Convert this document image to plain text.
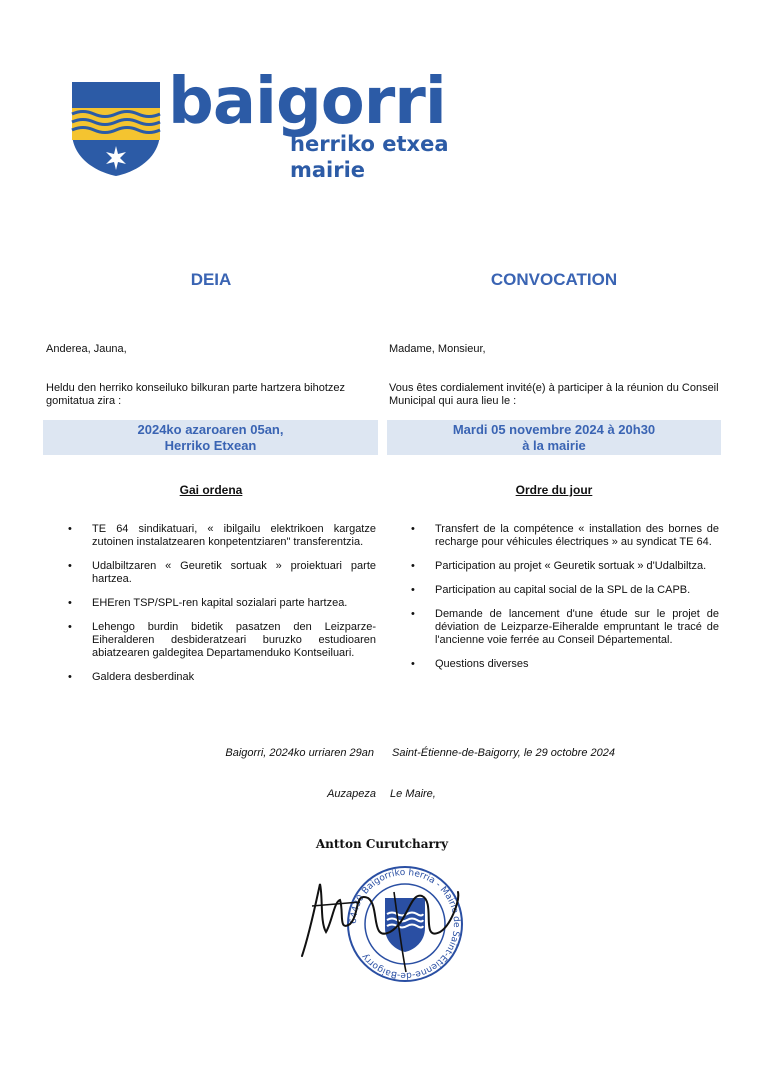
baigorri
herriko etxea
mairie
DEIA	CONVOCATION
Anderea, Jauna,	Madame, Monsieur,
Heldu den herriko konseiluko bilkuran parte hartzera bihotzez gomitatua zira :
Vous êtes cordialement invité(e) à participer à la réunion du Conseil Municipal qui aura lieu le :
2024ko azaroaren 05an,
Herriko Etxean
Mardi 05 novembre 2024 à 20h30
à la mairie
Gai ordena	Ordre du jour
• TE 64 sindikatuari, « ibilgailu elektrikoen kargatze zutoinen instalatzearen konpetentziaren" transferentzia.
• Udalbiltzaren « Geuretik sortuak » proiektuari parte hartzea.
• EHEren TSP/SPL-ren kapital sozialari parte hartzea.
• Lehengo burdin bidetik pasatzen den Leizparze-Eiheralderen desbideratzeari buruzko estudioaren abiatzearen galdegitea Departamenduko Kontseiluari.
• Galdera desberdinak
• Transfert de la compétence « installation des bornes de recharge pour véhicules électriques » au syndicat TE 64.
• Participation au projet « Geuretik sortuak » d'Udalbiltza.
• Participation au capital social de la SPL de la CAPB.
• Demande de lancement d'une étude sur le projet de déviation de Leizparze-Eiheralde empruntant le tracé de l'ancienne voie ferrée au Conseil Départemental.
• Questions diverses
Baigorri, 2024ko urriaren 29an Saint-Étienne-de-Baigorry, le 29 octobre 2024
Auzapeza Le Maire,
Antton Curutcharry
64430 Baigorriko herria - Mairie de Saint-Étienne-de-Baigorry
